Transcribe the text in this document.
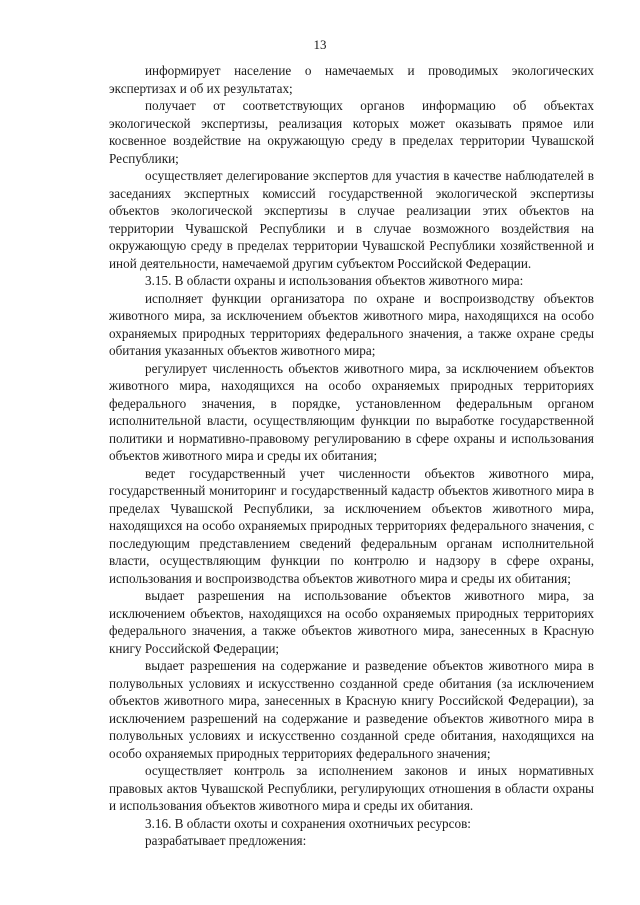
13

информирует население о намечаемых и проводимых экологических экспертизах и об их результатах;

получает от соответствующих органов информацию об объектах экологической экспертизы, реализация которых может оказывать прямое или косвенное воздействие на окружающую среду в пределах территории Чувашской Республики;

осуществляет делегирование экспертов для участия в качестве наблюдателей в заседаниях экспертных комиссий государственной экологической экспертизы объектов экологической экспертизы в случае реализации этих объектов на территории Чувашской Республики и в случае возможного воздействия на окружающую среду в пределах территории Чувашской Республики хозяйственной и иной деятельности, намечаемой другим субъектом Российской Федерации.

3.15. В области охраны и использования объектов животного мира:

исполняет функции организатора по охране и воспроизводству объектов животного мира, за исключением объектов животного мира, находящихся на особо охраняемых природных территориях федерального значения, а также охране среды обитания указанных объектов животного мира;

регулирует численность объектов животного мира, за исключением объектов животного мира, находящихся на особо охраняемых природных территориях федерального значения, в порядке, установленном федеральным органом исполнительной власти, осуществляющим функции по выработке государственной политики и нормативно-правовому регулированию в сфере охраны и использования объектов животного мира и среды их обитания;

ведет государственный учет численности объектов животного мира, государственный мониторинг и государственный кадастр объектов животного мира в пределах Чувашской Республики, за исключением объектов животного мира, находящихся на особо охраняемых природных территориях федерального значения, с последующим представлением сведений федеральным органам исполнительной власти, осуществляющим функции по контролю и надзору в сфере охраны, использования и воспроизводства объектов животного мира и среды их обитания;

выдает разрешения на использование объектов животного мира, за исключением объектов, находящихся на особо охраняемых природных территориях федерального значения, а также объектов животного мира, занесенных в Красную книгу Российской Федерации;

выдает разрешения на содержание и разведение объектов животного мира в полувольных условиях и искусственно созданной среде обитания (за исключением объектов животного мира, занесенных в Красную книгу Российской Федерации), за исключением разрешений на содержание и разведение объектов животного мира в полувольных условиях и искусственно созданной среде обитания, находящихся на особо охраняемых природных территориях федерального значения;

осуществляет контроль за исполнением законов и иных нормативных правовых актов Чувашской Республики, регулирующих отношения в области охраны и использования объектов животного мира и среды их обитания.

3.16. В области охоты и сохранения охотничьих ресурсов:

разрабатывает предложения:
